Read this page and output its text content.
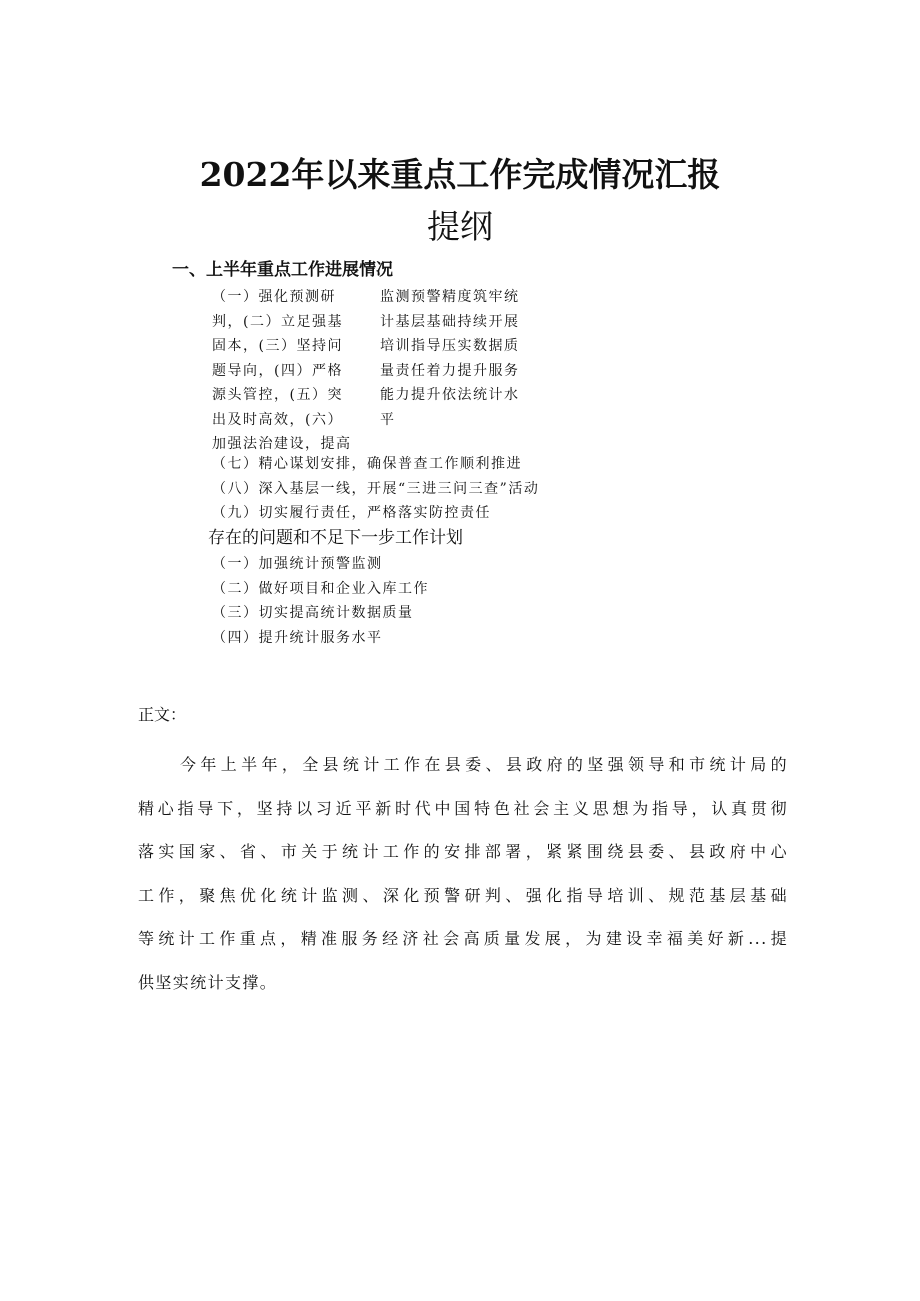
2022年以来重点工作完成情况汇报
提纲
一、上半年重点工作进展情况
（一）强化预测研
判，(二）立足强基
固本，(三）坚持问
题导向，(四）严格
源头管控，(五）突
出及时高效，(六）
加强法治建设，提高
监测预警精度筑牢统
计基层基础持续开展
培训指导压实数据质
量责任着力提升服务
能力提升依法统计水
平
（七）精心谋划安排，确保普查工作顺利推进
（八）深入基层一线，开展“三进三问三查”活动
（九）切实履行责任，严格落实防控责任
存在的问题和不足下一步工作计划
（一）加强统计预警监测
（二）做好项目和企业入库工作
（三）切实提高统计数据质量
（四）提升统计服务水平
正文：
今年上半年，全县统计工作在县委、县政府的坚强领导和市统计局的
精心指导下，坚持以习近平新时代中国特色社会主义思想为指导，认真贯彻
落实国家、省、市关于统计工作的安排部署，紧紧围绕县委、县政府中心
工作，聚焦优化统计监测、深化预警研判、强化指导培训、规范基层基础
等统计工作重点，精准服务经济社会高质量发展，为建设幸福美好新...提
供坚实统计支撑。
